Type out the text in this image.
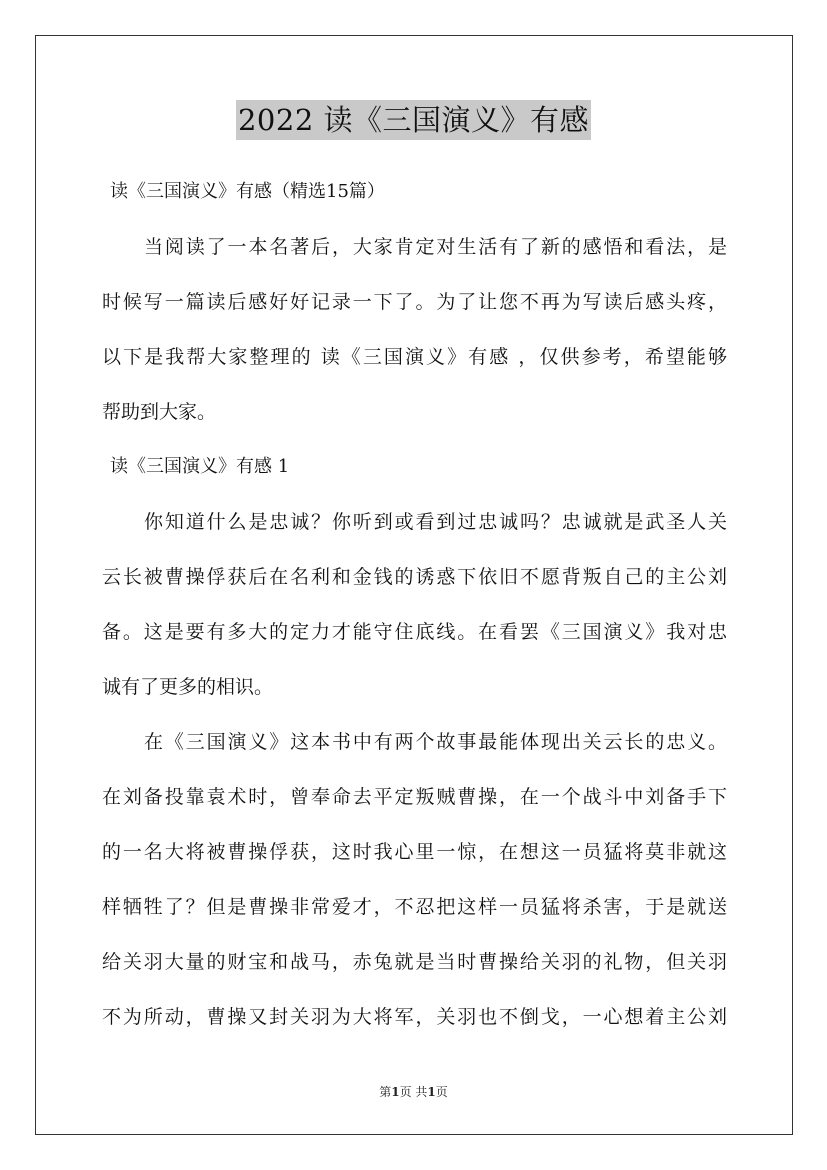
2022 读《三国演义》有感
读《三国演义》有感（精选15篇）
当阅读了一本名著后，大家肯定对生活有了新的感悟和看法，是
时候写一篇读后感好好记录一下了。为了让您不再为写读后感头疼，
以下是我帮大家整理的 读《三国演义》有感 ，仅供参考，希望能够
帮助到大家。
读《三国演义》有感 1
你知道什么是忠诚？你听到或看到过忠诚吗？忠诚就是武圣人关
云长被曹操俘获后在名利和金钱的诱惑下依旧不愿背叛自己的主公刘
备。这是要有多大的定力才能守住底线。在看罢《三国演义》我对忠
诚有了更多的相识。
在《三国演义》这本书中有两个故事最能体现出关云长的忠义。
在刘备投靠袁术时，曾奉命去平定叛贼曹操，在一个战斗中刘备手下
的一名大将被曹操俘获，这时我心里一惊，在想这一员猛将莫非就这
样牺牲了？但是曹操非常爱才，不忍把这样一员猛将杀害，于是就送
给关羽大量的财宝和战马，赤兔就是当时曹操给关羽的礼物，但关羽
不为所动，曹操又封关羽为大将军，关羽也不倒戈，一心想着主公刘
第1页 共1页
